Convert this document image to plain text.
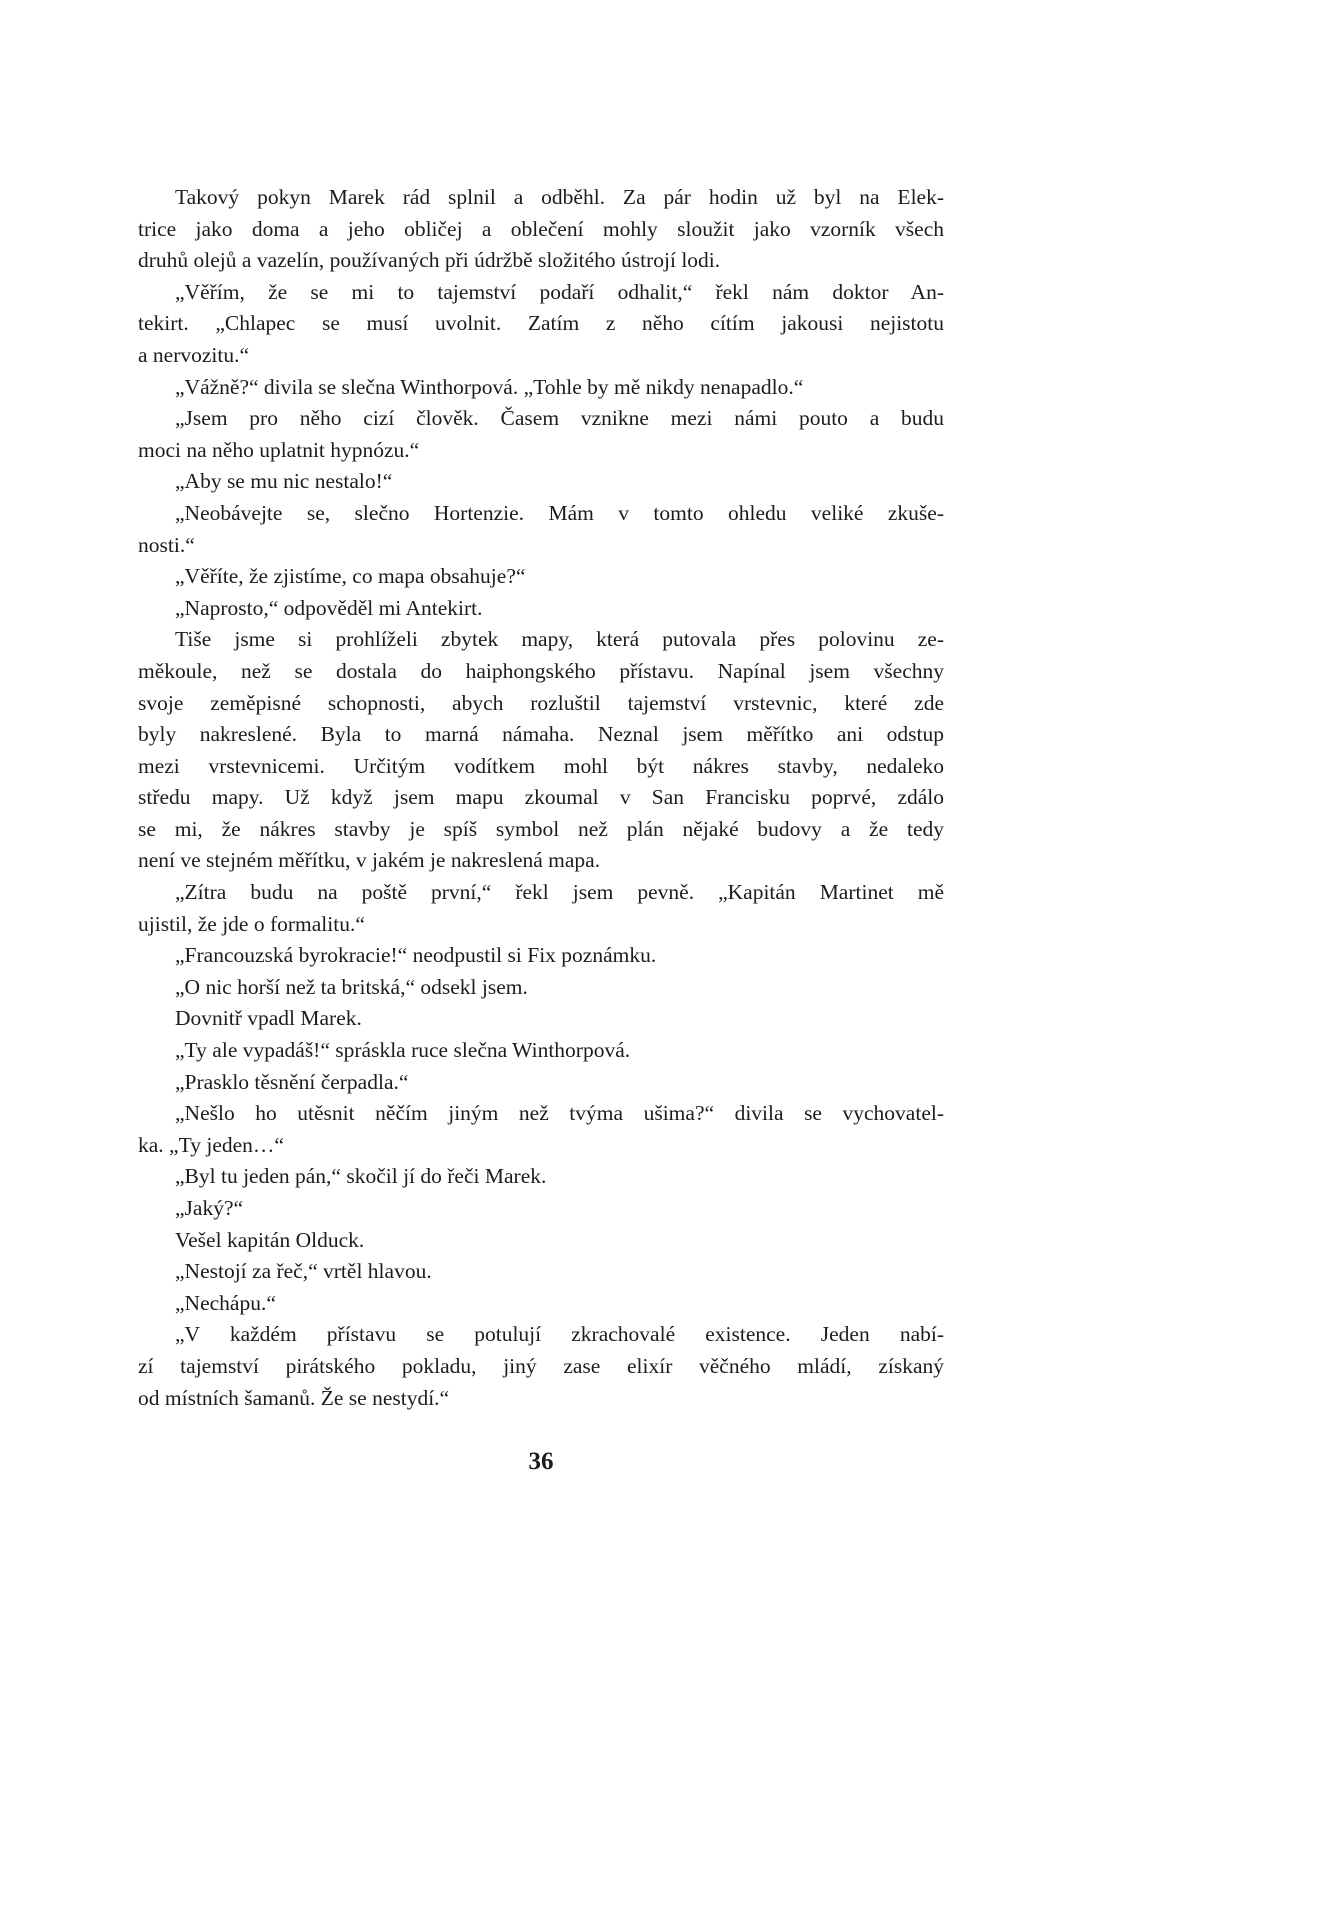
Takový pokyn Marek rád splnil a odběhl. Za pár hodin už byl na Elek-
trice jako doma a jeho obličej a oblečení mohly sloužit jako vzorník všech
druhů olejů a vazelín, používaných při údržbě složitého ústrojí lodi.

„Věřím, že se mi to tajemství podaří odhalit,“ řekl nám doktor An-
tekirt. „Chlapec se musí uvolnit. Zatím z něho cítím jakousi nejistotu
a nervozitu.“

„Vážně?“ divila se slečna Winthorpová. „Tohle by mě nikdy nenapadlo.“

„Jsem pro něho cizí člověk. Časem vznikne mezi námi pouto a budu
moci na něho uplatnit hypnózu.“

„Aby se mu nic nestalo!“

„Neobávejte se, slečno Hortenzie. Mám v tomto ohledu veliké zkuše-
nosti.“

„Věříte, že zjistíme, co mapa obsahuje?“

„Naprosto,“ odpověděl mi Antekirt.

Tiše jsme si prohlíželi zbytek mapy, která putovala přes polovinu ze-
měkoule, než se dostala do haiphongského přístavu. Napínal jsem všechny
svoje zeměpisné schopnosti, abych rozluštil tajemství vrstevnic, které zde
byly nakreslené. Byla to marná námaha. Neznal jsem měřítko ani odstup
mezi vrstevnicemi. Určitým vodítkem mohl být nákres stavby, nedaleko
středu mapy. Už když jsem mapu zkoumal v San Francisku poprvé, zdálo
se mi, že nákres stavby je spíš symbol než plán nějaké budovy a že tedy
není ve stejném měřítku, v jakém je nakreslená mapa.

„Zítra budu na poště první,“ řekl jsem pevně. „Kapitán Martinet mě
ujistil, že jde o formalitu.“

„Francouzská byrokracie!“ neodpustil si Fix poznámku.

„O nic horší než ta britská,“ odsekl jsem.

Dovnitř vpadl Marek.

„Ty ale vypadáš!“ spráskla ruce slečna Winthorpová.

„Prasklo těsnění čerpadla.“

„Nešlo ho utěsnit něčím jiným než tvýma ušima?“ divila se vychovatel-
ka. „Ty jeden…“

„Byl tu jeden pán,“ skočil jí do řeči Marek.

„Jaký?“

Vešel kapitán Olduck.

„Nestojí za řeč,“ vrtěl hlavou.

„Nechápu.“

„V každém přístavu se potulují zkrachovalé existence. Jeden nabí-
zí tajemství pirátského pokladu, jiný zase elixír věčného mládí, získaný
od místních šamanů. Že se nestydí.“

36
